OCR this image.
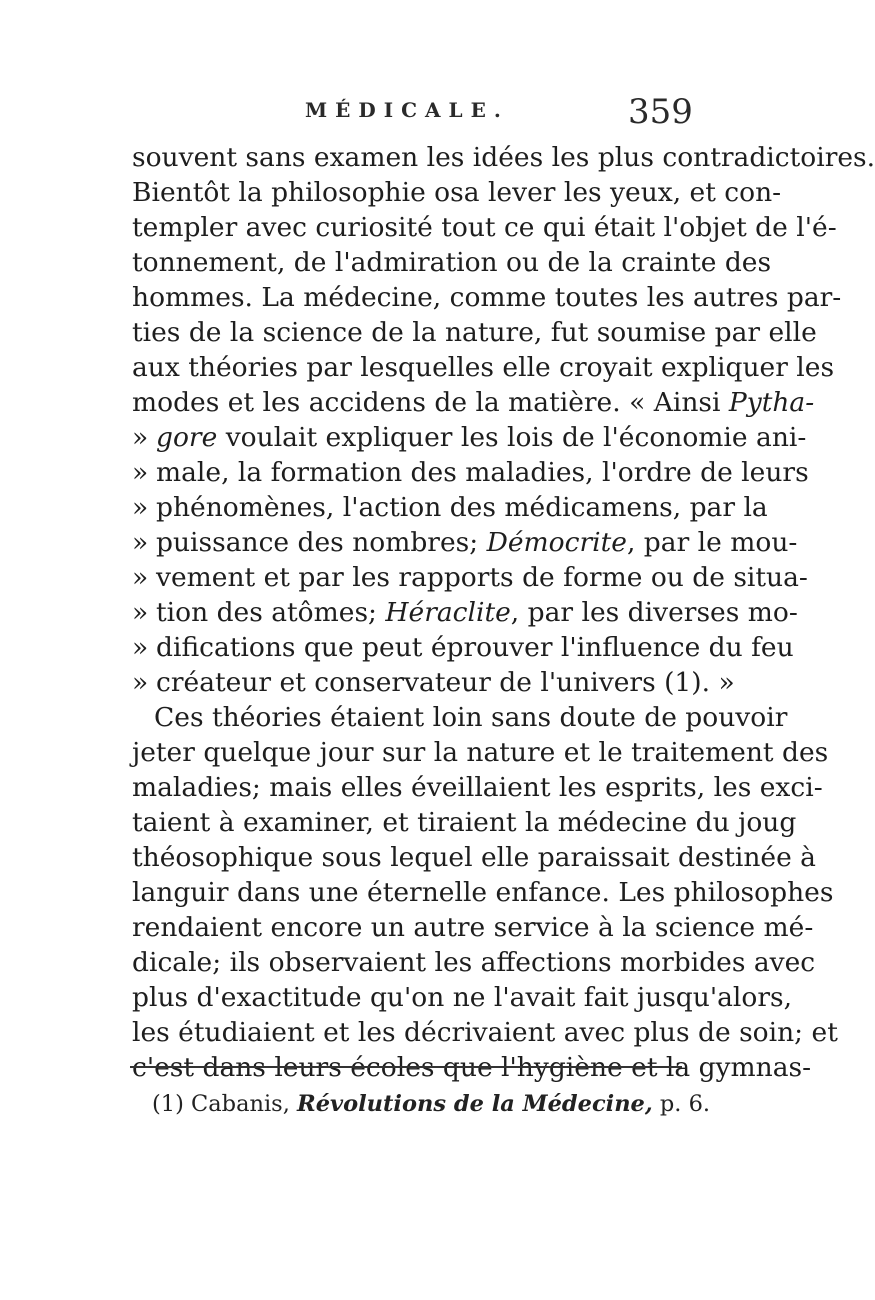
MÉDICALE.	359
souvent sans examen les idées les plus contradictoires.
Bientôt la philosophie osa lever les yeux, et con-
templer avec curiosité tout ce qui était l'objet de l'é-
tonnement, de l'admiration ou de la crainte des
hommes. La médecine, comme toutes les autres par-
ties de la science de la nature, fut soumise par elle
aux théories par lesquelles elle croyait expliquer les
modes et les accidens de la matière. « Ainsi Pytha-
» gore voulait expliquer les lois de l'économie ani-
» male, la formation des maladies, l'ordre de leurs
» phénomènes, l'action des médicamens, par la
» puissance des nombres; Démocrite, par le mou-
» vement et par les rapports de forme ou de situa-
» tion des atômes; Héraclite, par les diverses mo-
» difications que peut éprouver l'influence du feu
» créateur et conservateur de l'univers (1). »
Ces théories étaient loin sans doute de pouvoir
jeter quelque jour sur la nature et le traitement des
maladies; mais elles éveillaient les esprits, les exci-
taient à examiner, et tiraient la médecine du joug
théosophique sous lequel elle paraissait destinée à
languir dans une éternelle enfance. Les philosophes
rendaient encore un autre service à la science mé-
dicale; ils observaient les affections morbides avec
plus d'exactitude qu'on ne l'avait fait jusqu'alors,
les étudiaient et les décrivaient avec plus de soin; et
c'est dans leurs écoles que l'hygiène et la gymnas-
(1) Cabanis, Révolutions de la Médecine, p. 6.
